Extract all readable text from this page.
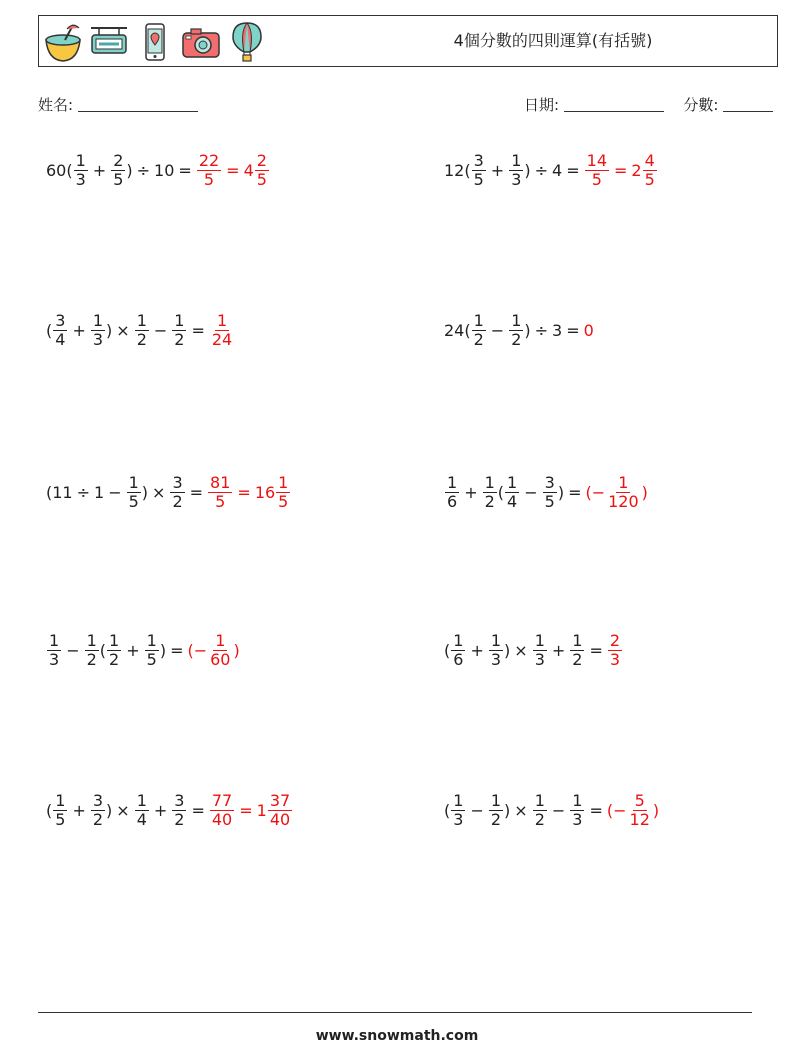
4個分數的四則運算(有括號)
姓名:	日期:	分數:
$60( \frac{1}{3} + \frac{2}{5}$ ) ÷ $10 = \frac{22}{5} = 4 \frac{2}{5}$	$12( \frac{3}{5} + \frac{1}{3}$ ) ÷ $4 = \frac{14}{5} = 2 \frac{4}{5}$
( $\frac{3}{4} + \frac{1}{3}$ ) × $\frac{1}{2} - \frac{1}{2} = \frac{1}{24}$	$24( \frac{1}{2} - \frac{1}{2}$ ) ÷ 3 = 0
($11 \div 1 - \frac{1}{5}$ ) × $\frac{3}{2} = \frac{81}{5} = 16 \frac{1}{5}$	$\frac{1}{6} + \frac{1}{2}$ ( $\frac{1}{4} - \frac{3}{5}$ ) = (− $\frac{1}{120}$ )
$\frac{1}{3} - \frac{1}{2}$ ( $\frac{1}{2} + \frac{1}{5}$ ) = (− $\frac{1}{60}$ )	( $\frac{1}{6} + \frac{1}{3}$ ) × $\frac{1}{3} + \frac{1}{2} = \frac{2}{3}$
( $\frac{1}{5} + \frac{3}{2}$ ) × $\frac{1}{4} + \frac{3}{2} = \frac{77}{40} = 1 \frac{37}{40}$	( $\frac{1}{3} - \frac{1}{2}$ ) × $\frac{1}{2} - \frac{1}{3}$ = (− $\frac{5}{12}$ )
www.snowmath.com
